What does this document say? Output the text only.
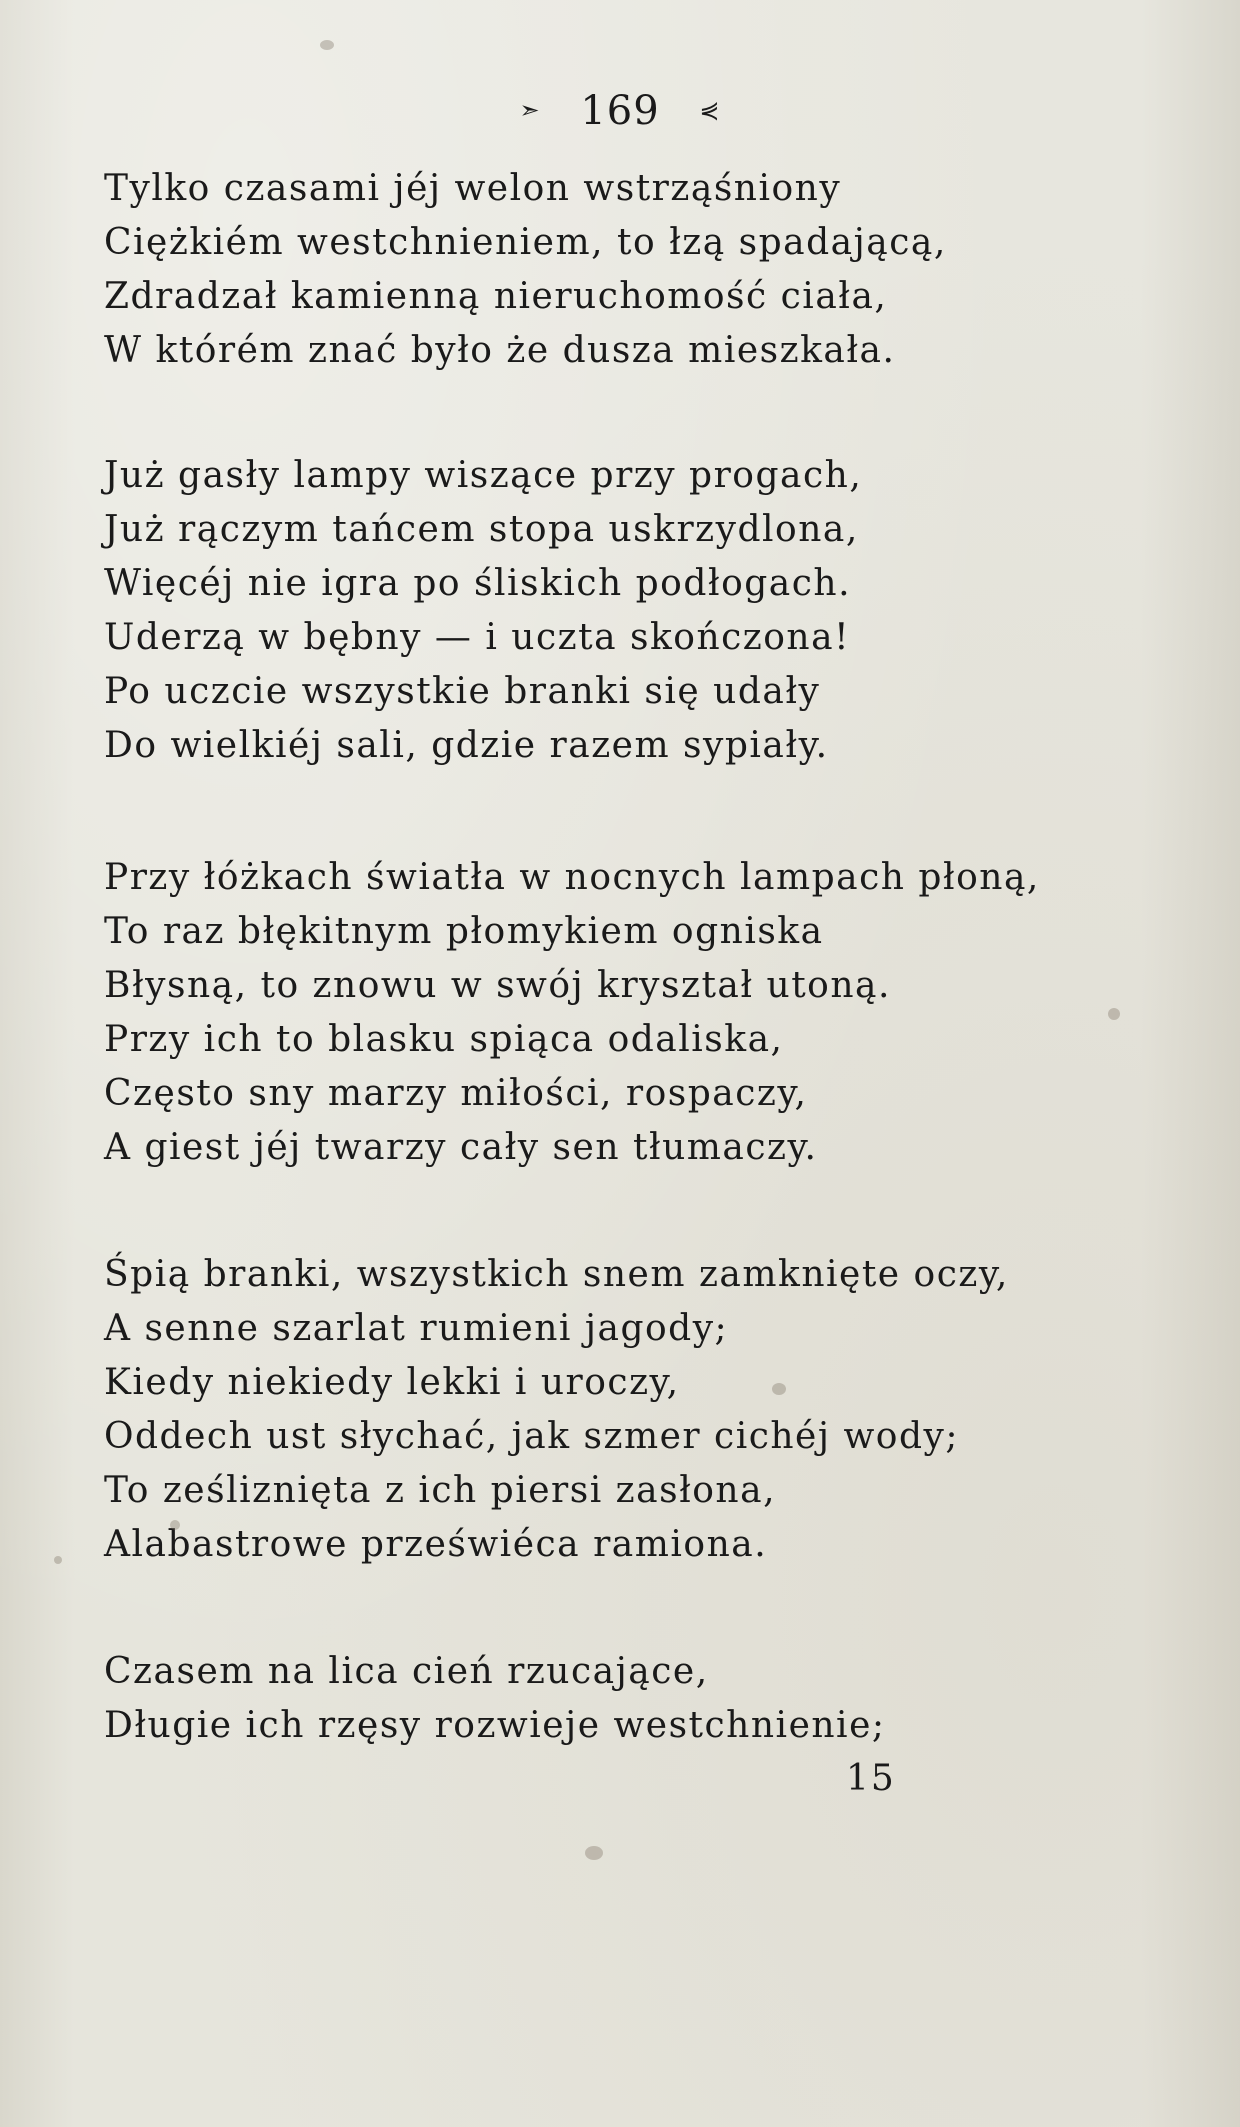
➣ 169 ⋞
Tylko czasami jéj welon wstrząśniony
Ciężkiém westchnieniem, to łzą spadającą,
Zdradzał kamienną nieruchomość ciała,
W którém znać było że dusza mieszkała.
Już gasły lampy wiszące przy progach,
Już rączym tańcem stopa uskrzydlona,
Więcéj nie igra po śliskich podłogach.
Uderzą w bębny — i uczta skończona!
Po uczcie wszystkie branki się udały
Do wielkiéj sali, gdzie razem sypiały.
Przy łóżkach światła w nocnych lampach płoną,
To raz błękitnym płomykiem ogniska
Błysną, to znowu w swój kryształ utoną.
Przy ich to blasku spiąca odaliska,
Często sny marzy miłości, rospaczy,
A giest jéj twarzy cały sen tłumaczy.
Śpią branki, wszystkich snem zamknięte oczy,
A senne szarlat rumieni jagody;
Kiedy niekiedy lekki i uroczy,
Oddech ust słychać, jak szmer cichéj wody;
To ześliznięta z ich piersi zasłona,
Alabastrowe przeświéca ramiona.
Czasem na lica cień rzucające,
Długie ich rzęsy rozwieje westchnienie;
15
